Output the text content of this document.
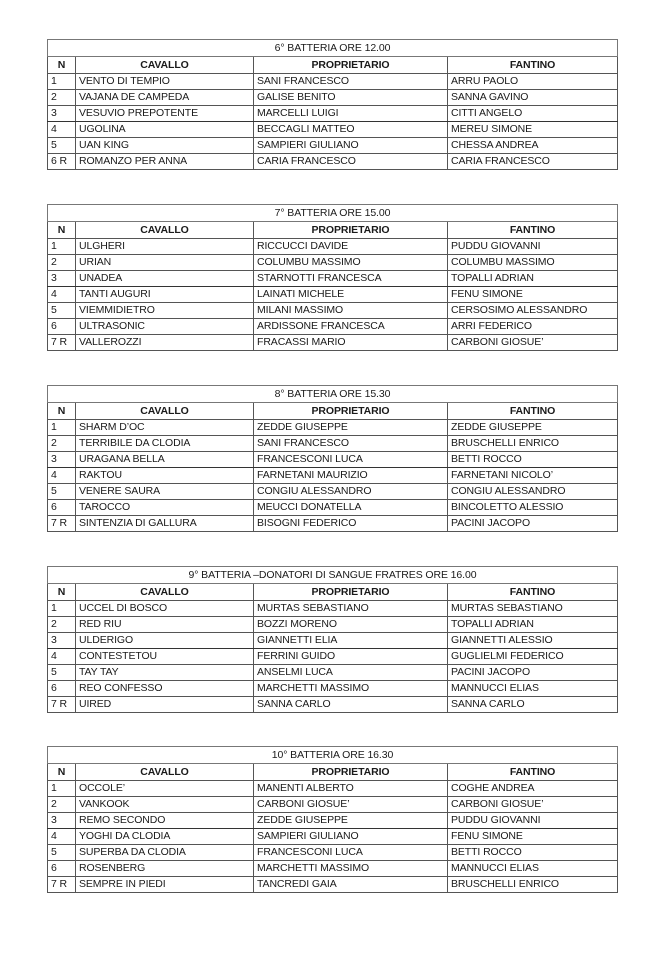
6° BATTERIA ORE 12.00			
N	CAVALLO	PROPRIETARIO	FANTINO
1	VENTO DI TEMPIO	SANI FRANCESCO	ARRU PAOLO
2	VAJANA DE CAMPEDA	GALISE BENITO	SANNA GAVINO
3	VESUVIO PREPOTENTE	MARCELLI LUIGI	CITTI ANGELO
4	UGOLINA	BECCAGLI MATTEO	MEREU SIMONE
5	UAN KING	SAMPIERI GIULIANO	CHESSA ANDREA
6 R	ROMANZO PER ANNA	CARIA FRANCESCO	CARIA FRANCESCO
7° BATTERIA ORE 15.00			
N	CAVALLO	PROPRIETARIO	FANTINO
1	ULGHERI	RICCUCCI DAVIDE	PUDDU GIOVANNI
2	URIAN	COLUMBU MASSIMO	COLUMBU MASSIMO
3	UNADEA	STARNOTTI FRANCESCA	TOPALLI ADRIAN
4	TANTI AUGURI	LAINATI MICHELE	FENU SIMONE
5	VIEMMIDIETRO	MILANI MASSIMO	CERSOSIMO ALESSANDRO
6	ULTRASONIC	ARDISSONE FRANCESCA	ARRI FEDERICO
7 R	VALLEROZZI	FRACASSI MARIO	CARBONI GIOSUE’
8° BATTERIA ORE 15.30			
N	CAVALLO	PROPRIETARIO	FANTINO
1	SHARM D’OC	ZEDDE GIUSEPPE	ZEDDE GIUSEPPE
2	TERRIBILE DA CLODIA	SANI FRANCESCO	BRUSCHELLI ENRICO
3	URAGANA BELLA	FRANCESCONI LUCA	BETTI ROCCO
4	RAKTOU	FARNETANI MAURIZIO	FARNETANI NICOLO’
5	VENERE SAURA	CONGIU ALESSANDRO	CONGIU ALESSANDRO
6	TAROCCO	MEUCCI DONATELLA	BINCOLETTO ALESSIO
7 R	SINTENZIA DI GALLURA	BISOGNI FEDERICO	PACINI JACOPO
9° BATTERIA –DONATORI DI SANGUE FRATRES ORE 16.00			
N	CAVALLO	PROPRIETARIO	FANTINO
1	UCCEL DI BOSCO	MURTAS SEBASTIANO	MURTAS SEBASTIANO
2	RED RIU	BOZZI MORENO	TOPALLI ADRIAN
3	ULDERIGO	GIANNETTI ELIA	GIANNETTI ALESSIO
4	CONTESTETOU	FERRINI GUIDO	GUGLIELMI FEDERICO
5	TAY TAY	ANSELMI LUCA	PACINI JACOPO
6	REO CONFESSO	MARCHETTI MASSIMO	MANNUCCI ELIAS
7 R	UIRED	SANNA CARLO	SANNA CARLO
10° BATTERIA ORE 16.30			
N	CAVALLO	PROPRIETARIO	FANTINO
1	OCCOLE’	MANENTI ALBERTO	COGHE ANDREA
2	VANKOOK	CARBONI GIOSUE’	CARBONI GIOSUE’
3	REMO SECONDO	ZEDDE GIUSEPPE	PUDDU GIOVANNI
4	YOGHI DA CLODIA	SAMPIERI GIULIANO	FENU SIMONE
5	SUPERBA DA CLODIA	FRANCESCONI LUCA	BETTI ROCCO
6	ROSENBERG	MARCHETTI MASSIMO	MANNUCCI ELIAS
7 R	SEMPRE IN PIEDI	TANCREDI GAIA	BRUSCHELLI ENRICO
